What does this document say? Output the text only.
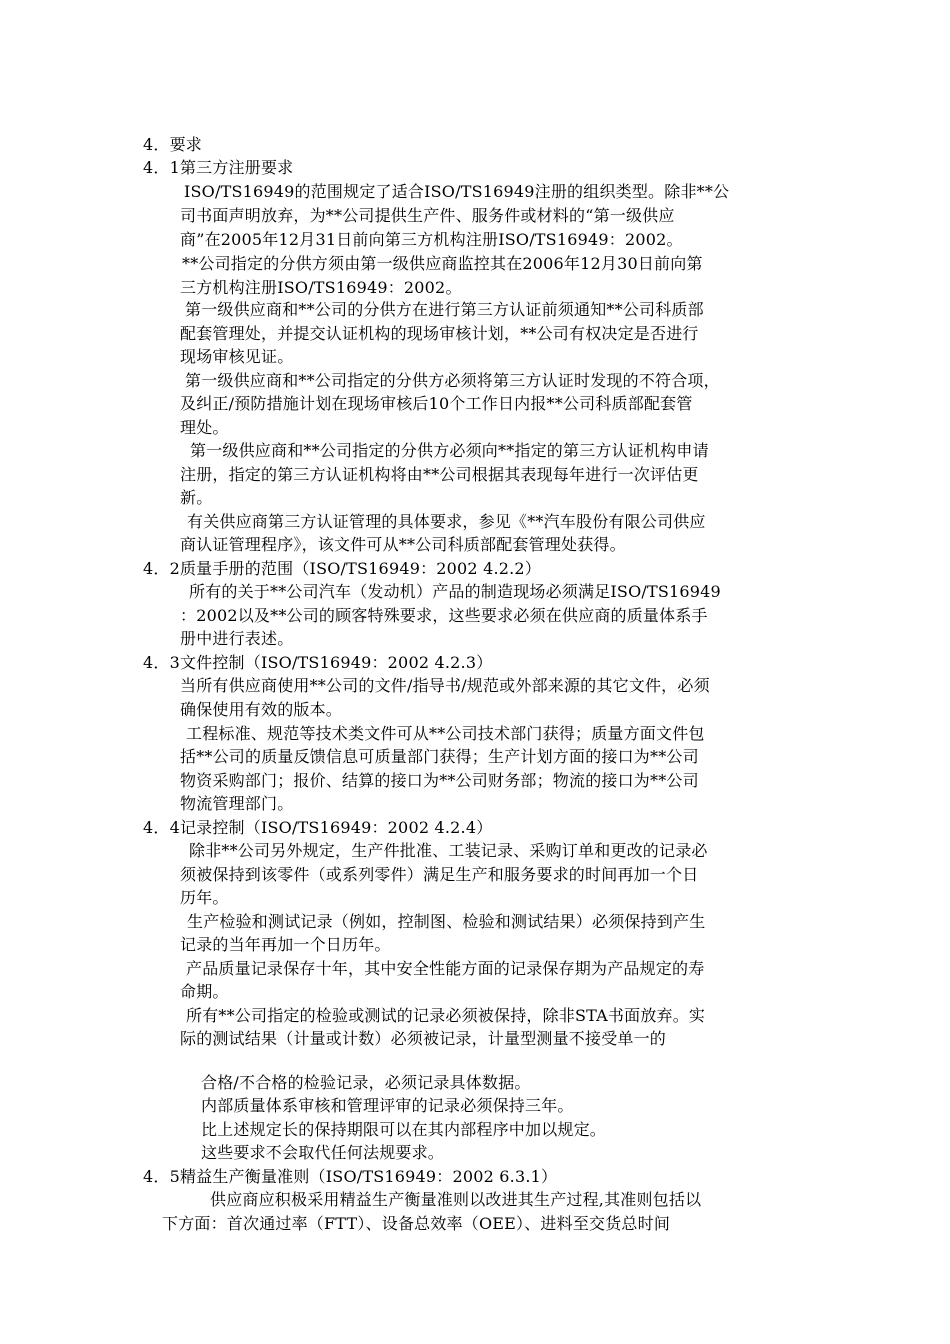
4．要求
4．1第三方注册要求
ISO/TS16949的范围规定了适合ISO/TS16949注册的组织类型。除非**公
司书面声明放弃，为**公司提供生产件、服务件或材料的“第一级供应
商”在2005年12月31日前向第三方机构注册ISO/TS16949：2002。
**公司指定的分供方须由第一级供应商监控其在2006年12月30日前向第
三方机构注册ISO/TS16949：2002。
第一级供应商和**公司的分供方在进行第三方认证前须通知**公司科质部
配套管理处，并提交认证机构的现场审核计划，**公司有权决定是否进行
现场审核见证。
第一级供应商和**公司指定的分供方必须将第三方认证时发现的不符合项，
及纠正/预防措施计划在现场审核后10个工作日内报**公司科质部配套管
理处。
第一级供应商和**公司指定的分供方必须向**指定的第三方认证机构申请
注册，指定的第三方认证机构将由**公司根据其表现每年进行一次评估更
新。
有关供应商第三方认证管理的具体要求，参见《**汽车股份有限公司供应
商认证管理程序》，该文件可从**公司科质部配套管理处获得。
4．2质量手册的范围（ISO/TS16949：2002 4.2.2）
所有的关于**公司汽车（发动机）产品的制造现场必须满足ISO/TS16949
：2002以及**公司的顾客特殊要求，这些要求必须在供应商的质量体系手
册中进行表述。
4．3文件控制（ISO/TS16949：2002 4.2.3）
当所有供应商使用**公司的文件/指导书/规范或外部来源的其它文件，必须
确保使用有效的版本。
工程标准、规范等技术类文件可从**公司技术部门获得；质量方面文件包
括**公司的质量反馈信息可质量部门获得；生产计划方面的接口为**公司
物资采购部门；报价、结算的接口为**公司财务部；物流的接口为**公司
物流管理部门。
4．4记录控制（ISO/TS16949：2002 4.2.4）
除非**公司另外规定，生产件批准、工装记录、采购订单和更改的记录必
须被保持到该零件（或系列零件）满足生产和服务要求的时间再加一个日
历年。
生产检验和测试记录（例如，控制图、检验和测试结果）必须保持到产生
记录的当年再加一个日历年。
产品质量记录保存十年，其中安全性能方面的记录保存期为产品规定的寿
命期。
所有**公司指定的检验或测试的记录必须被保持，除非STA书面放弃。实
际的测试结果（计量或计数）必须被记录，计量型测量不接受单一的
合格/不合格的检验记录，必须记录具体数据。
内部质量体系审核和管理评审的记录必须保持三年。
比上述规定长的保持期限可以在其内部程序中加以规定。
这些要求不会取代任何法规要求。
4．5精益生产衡量准则（ISO/TS16949：2002 6.3.1）
供应商应积极采用精益生产衡量准则以改进其生产过程,其准则包括以
下方面：首次通过率（FTT）、设备总效率（OEE）、进料至交货总时间
